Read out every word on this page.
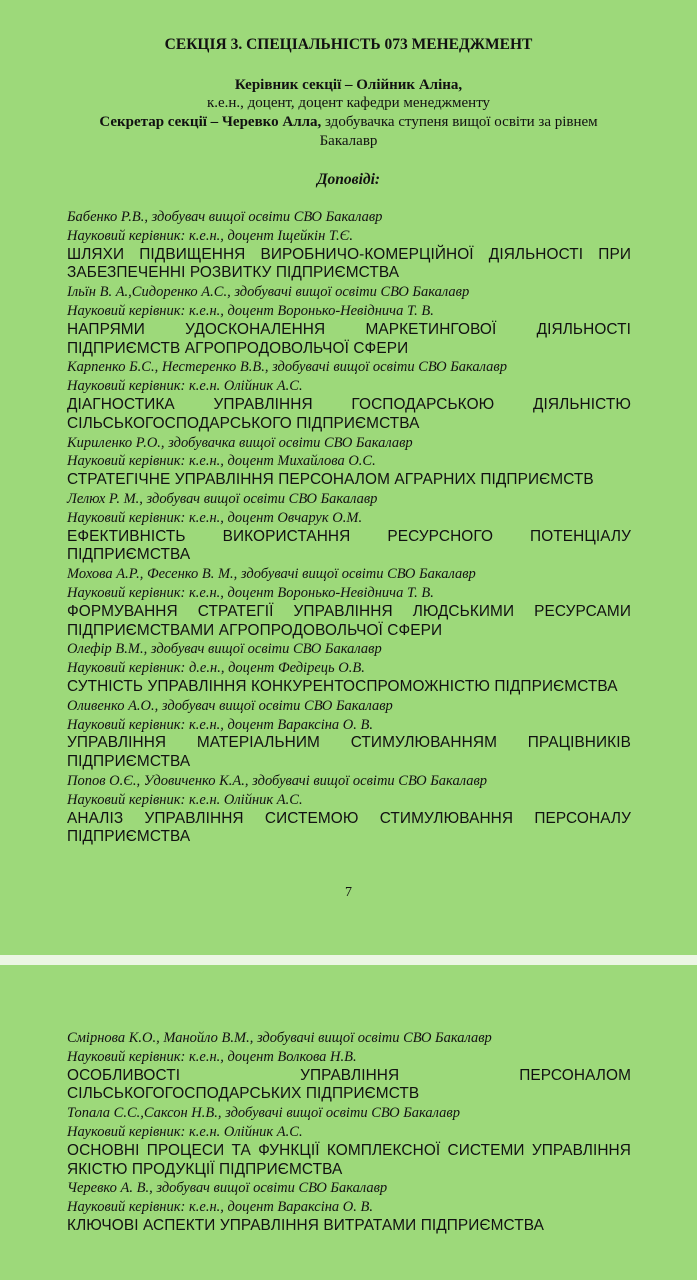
СЕКЦІЯ 3. СПЕЦІАЛЬНІСТЬ 073 МЕНЕДЖМЕНТ
Керівник секції – Олійник Аліна,
к.е.н., доцент, доцент кафедри менеджменту
Секретар секції – Черевко Алла, здобувачка ступеня вищої освіти за рівнем
Бакалавр
Доповіді:
Бабенко Р.В., здобувач вищої освіти СВО Бакалавр
Науковий керівник: к.е.н., доцент Іщейкін Т.Є.
ШЛЯХИ ПІДВИЩЕННЯ ВИРОБНИЧО-КОМЕРЦІЙНОЇ ДІЯЛЬНОСТІ ПРИ ЗАБЕЗПЕЧЕННІ РОЗВИТКУ ПІДПРИЄМСТВА
Ільїн В. А.,Сидоренко А.С., здобувачі вищої освіти СВО Бакалавр
Науковий керівник: к.е.н., доцент Воронько-Невіднича Т. В.
НАПРЯМИ УДОСКОНАЛЕННЯ МАРКЕТИНГОВОЇ ДІЯЛЬНОСТІ ПІДПРИЄМСТВ АГРОПРОДОВОЛЬЧОЇ СФЕРИ
Карпенко Б.С., Нестеренко В.В., здобувачі вищої освіти СВО Бакалавр
Науковий керівник: к.е.н. Олійник А.С.
ДІАГНОСТИКА УПРАВЛІННЯ ГОСПОДАРСЬКОЮ ДІЯЛЬНІСТЮ СІЛЬСЬКОГОСПОДАРСЬКОГО ПІДПРИЄМСТВА
Кириленко Р.О., здобувачка вищої освіти СВО Бакалавр
Науковий керівник: к.е.н., доцент Михайлова О.С.
СТРАТЕГІЧНЕ УПРАВЛІННЯ ПЕРСОНАЛОМ АГРАРНИХ ПІДПРИЄМСТВ
Лелюх Р. М., здобувач вищої освіти СВО Бакалавр
Науковий керівник: к.е.н., доцент Овчарук О.М.
ЕФЕКТИВНІСТЬ ВИКОРИСТАННЯ РЕСУРСНОГО ПОТЕНЦІАЛУ ПІДПРИЄМСТВА
Мохова А.Р., Фесенко В. М., здобувачі вищої освіти СВО Бакалавр
Науковий керівник: к.е.н., доцент Воронько-Невіднича Т. В.
ФОРМУВАННЯ СТРАТЕГІЇ УПРАВЛІННЯ ЛЮДСЬКИМИ РЕСУРСАМИ ПІДПРИЄМСТВАМИ АГРОПРОДОВОЛЬЧОЇ СФЕРИ
Олефір В.М., здобувач вищої освіти СВО Бакалавр
Науковий керівник: д.е.н., доцент Федірець О.В.
СУТНІСТЬ УПРАВЛІННЯ КОНКУРЕНТОСПРОМОЖНІСТЮ ПІДПРИЄМСТВА
Оливенко А.О., здобувач вищої освіти СВО Бакалавр
Науковий керівник: к.е.н., доцент Вараксіна О. В.
УПРАВЛІННЯ МАТЕРІАЛЬНИМ СТИМУЛЮВАННЯМ ПРАЦІВНИКІВ ПІДПРИЄМСТВА
Попов О.Є., Удовиченко К.А., здобувачі вищої освіти СВО Бакалавр
Науковий керівник: к.е.н. Олійник А.С.
АНАЛІЗ УПРАВЛІННЯ СИСТЕМОЮ СТИМУЛЮВАННЯ ПЕРСОНАЛУ ПІДПРИЄМСТВА
7
Смірнова К.О., Манойло В.М., здобувачі вищої освіти СВО Бакалавр
Науковий керівник: к.е.н., доцент Волкова Н.В.
ОСОБЛИВОСТІ УПРАВЛІННЯ ПЕРСОНАЛОМ СІЛЬСЬКОГОГОСПОДАРСЬКИХ ПІДПРИЄМСТВ
Топала С.С.,Саксон Н.В., здобувачі вищої освіти СВО Бакалавр
Науковий керівник: к.е.н. Олійник А.С.
ОСНОВНІ ПРОЦЕСИ ТА ФУНКЦІЇ КОМПЛЕКСНОЇ СИСТЕМИ УПРАВЛІННЯ ЯКІСТЮ ПРОДУКЦІЇ ПІДПРИЄМСТВА
Черевко А. В., здобувач вищої освіти СВО Бакалавр
Науковий керівник: к.е.н., доцент Вараксіна О. В.
КЛЮЧОВІ АСПЕКТИ УПРАВЛІННЯ ВИТРАТАМИ ПІДПРИЄМСТВА
